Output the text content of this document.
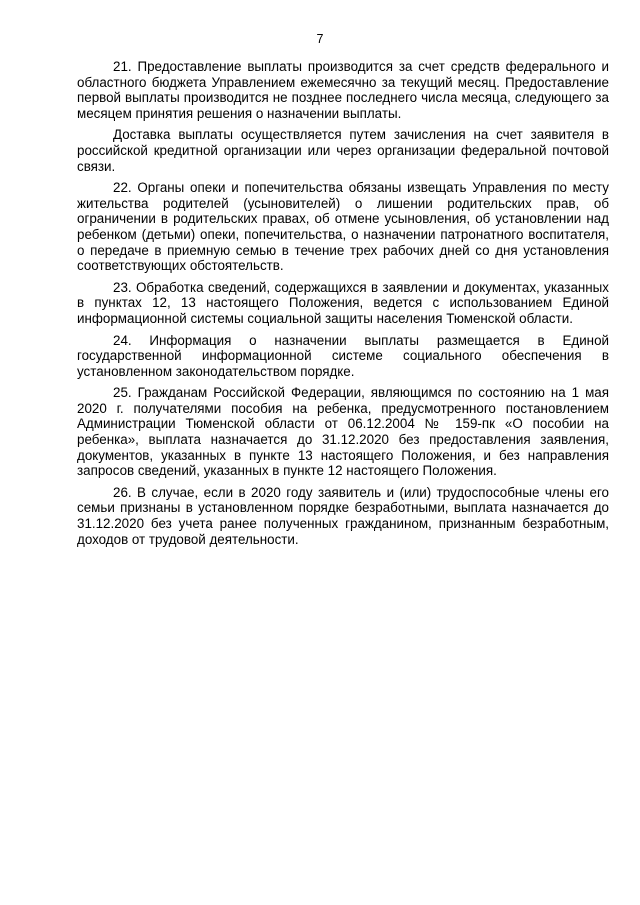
7

21. Предоставление выплаты производится за счет средств федерального и областного бюджета Управлением ежемесячно за текущий месяц. Предоставление первой выплаты производится не позднее последнего числа месяца, следующего за месяцем принятия решения о назначении выплаты.

Доставка выплаты осуществляется путем зачисления на счет заявителя в российской кредитной организации или через организации федеральной почтовой связи.

22. Органы опеки и попечительства обязаны извещать Управления по месту жительства родителей (усыновителей) о лишении родительских прав, об ограничении в родительских правах, об отмене усыновления, об установлении над ребенком (детьми) опеки, попечительства, о назначении патронатного воспитателя, о передаче в приемную семью в течение трех рабочих дней со дня установления соответствующих обстоятельств.

23. Обработка сведений, содержащихся в заявлении и документах, указанных в пунктах 12, 13 настоящего Положения, ведется с использованием Единой информационной системы социальной защиты населения Тюменской области.

24. Информация о назначении выплаты размещается в Единой государственной информационной системе социального обеспечения в установленном законодательством порядке.

25. Гражданам Российской Федерации, являющимся по состоянию на 1 мая 2020 г. получателями пособия на ребенка, предусмотренного постановлением Администрации Тюменской области от 06.12.2004 № 159-пк «О пособии на ребенка», выплата назначается до 31.12.2020 без предоставления заявления, документов, указанных в пункте 13 настоящего Положения, и без направления запросов сведений, указанных в пункте 12 настоящего Положения.

26. В случае, если в 2020 году заявитель и (или) трудоспособные члены его семьи признаны в установленном порядке безработными, выплата назначается до 31.12.2020 без учета ранее полученных гражданином, признанным безработным, доходов от трудовой деятельности.
